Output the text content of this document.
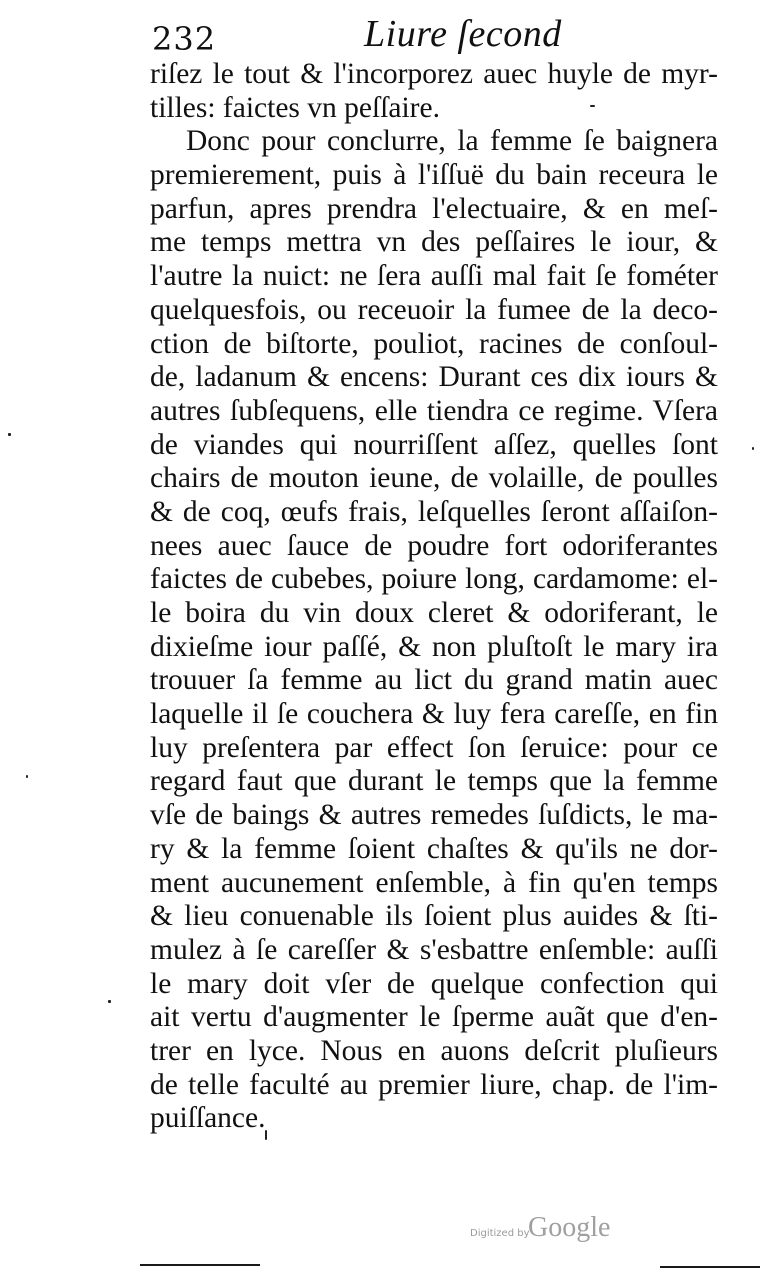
232	Liure ſecond
riſez le tout & l'incorporez auec huyle de myr-
tilles: faictes vn peſſaire.
Donc pour conclurre, la femme ſe baignera
premierement, puis à l'iſſuë du bain receura le
parfun, apres prendra l'electuaire, & en meſ-
me temps mettra vn des peſſaires le iour, &
l'autre la nuict: ne ſera auſſi mal fait ſe fométer
quelquesfois, ou receuoir la fumee de la deco-
ction de biſtorte, pouliot, racines de conſoul-
de, ladanum & encens: Durant ces dix iours &
autres ſubſequens, elle tiendra ce regime. Vſera
de viandes qui nourriſſent aſſez, quelles ſont
chairs de mouton ieune, de volaille, de poulles
& de coq, œufs frais, leſquelles ſeront aſſaiſon-
nees auec ſauce de poudre fort odoriferantes
faictes de cubebes, poiure long, cardamome: el-
le boira du vin doux cleret & odoriferant, le
dixieſme iour paſſé, & non pluſtoſt le mary ira
trouuer ſa femme au lict du grand matin auec
laquelle il ſe couchera & luy fera careſſe, en fin
luy preſentera par effect ſon ſeruice: pour ce
regard faut que durant le temps que la femme
vſe de baings & autres remedes ſuſdicts, le ma-
ry & la femme ſoient chaſtes & qu'ils ne dor-
ment aucunement enſemble, à fin qu'en temps
& lieu conuenable ils ſoient plus auides & ſti-
mulez à ſe careſſer & s'esbattre enſemble: auſſi
le mary doit vſer de quelque confection qui
ait vertu d'augmenter le ſperme auãt que d'en-
trer en lyce. Nous en auons deſcrit pluſieurs
de telle faculté au premier liure, chap. de l'im-
puiſſance.
Digitized by
Google
